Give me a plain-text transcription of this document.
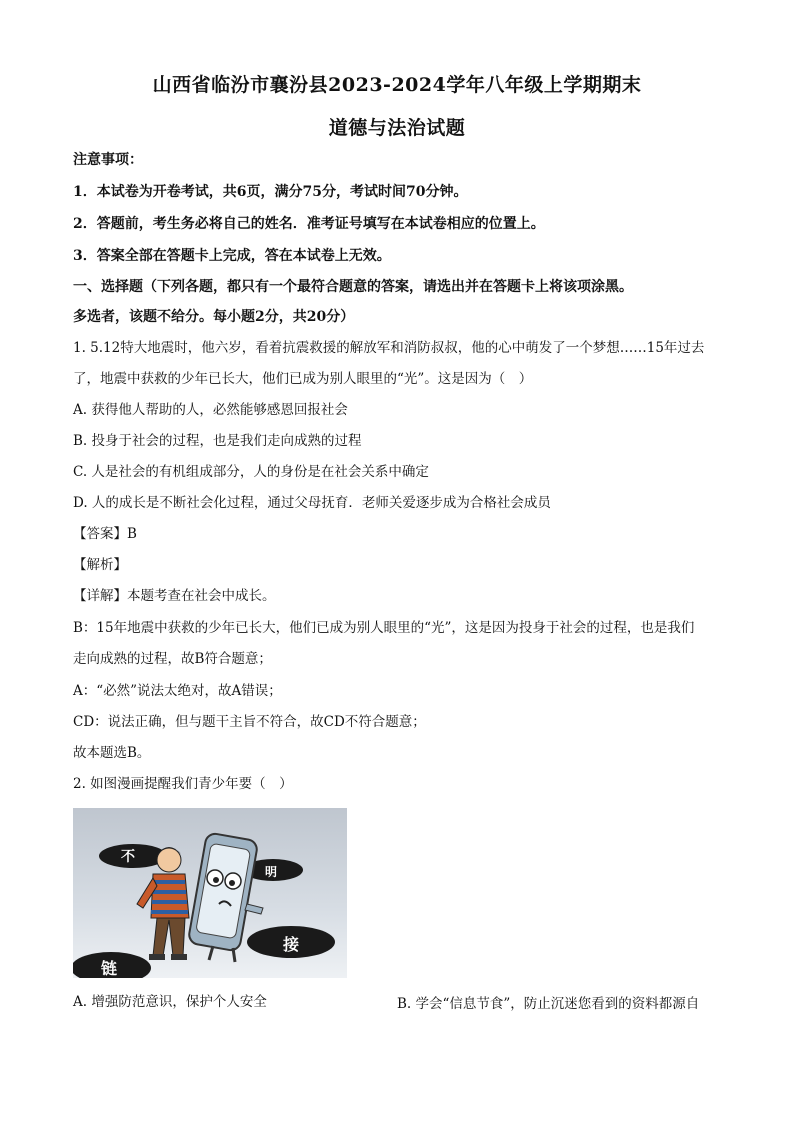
山西省临汾市襄汾县2023-2024学年八年级上学期期末
道德与法治试题
注意事项：
1．本试卷为开卷考试，共6页，满分75分，考试时间70分钟。
2．答题前，考生务必将自己的姓名．准考证号填写在本试卷相应的位置上。
3．答案全部在答题卡上完成，答在本试卷上无效。
一、选择题（下列各题，都只有一个最符合题意的答案，请选出并在答题卡上将该项涂黑。
多选者，该题不给分。每小题2分，共20分）
1. 5.12特大地震时，他六岁，看着抗震救援的解放军和消防叔叔，他的心中萌发了一个梦想……15年过去
了，地震中获救的少年已长大，他们已成为别人眼里的“光”。这是因为（　）
A. 获得他人帮助的人，必然能够感恩回报社会
B. 投身于社会的过程，也是我们走向成熟的过程
C. 人是社会的有机组成部分，人的身份是在社会关系中确定
D. 人的成长是不断社会化过程，通过父母抚育．老师关爱逐步成为合格社会成员
【答案】B
【解析】
【详解】本题考查在社会中成长。
B：15年地震中获救的少年已长大，他们已成为别人眼里的“光”，这是因为投身于社会的过程，也是我们
走向成熟的过程，故B符合题意；
A：“必然”说法太绝对，故A错误；
CD：说法正确，但与题干主旨不符合，故CD不符合题意；
故本题选B。
2. 如图漫画提醒我们青少年要（　）
不
明
接
链
A. 增强防范意识，保护个人安全	B. 学会“信息节食”，防止沉迷您看到的资料都源自
